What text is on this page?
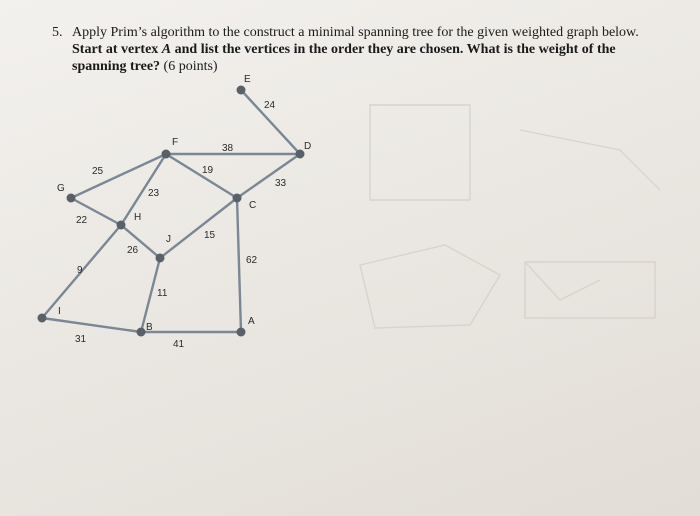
5. Apply Prim’s algorithm to the construct a minimal spanning tree for the given weighted graph below.
Start at vertex A and list the vertices in the order they are chosen. What is the weight of the spanning tree? (6 points)
G
H
F
E
D
C
J
B
A
I
24
38
25	19
33
23
22
15
26
62
9
11
31	41
